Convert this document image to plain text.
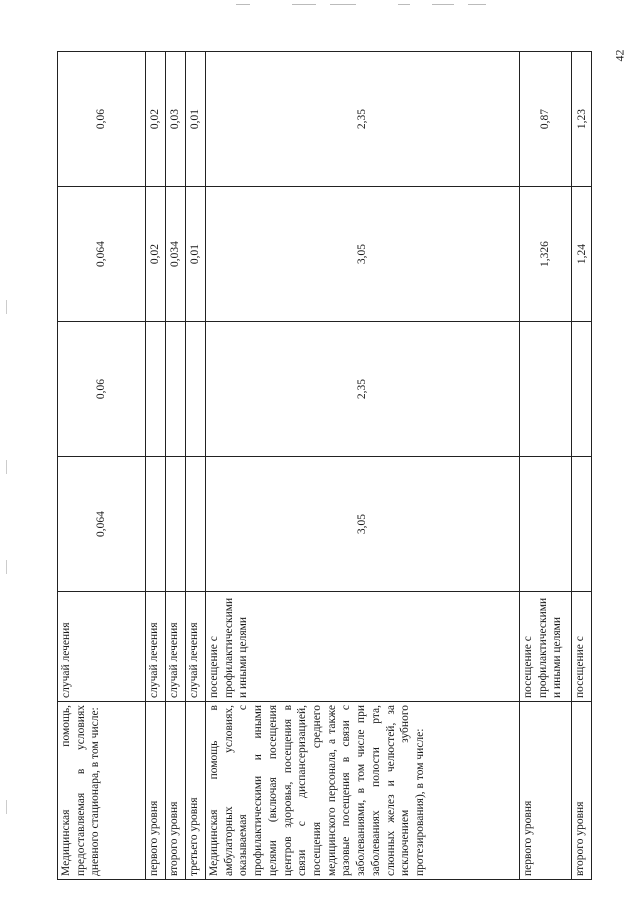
42
Медицинская помощь, предоставляемая в условиях дневного стационара, в том числе:	случай лечения	0,064	0,06	0,064	0,06
первого уровня	случай лечения			0,02	0,02
второго уровня	случай лечения			0,034	0,03
третьего уровня	случай лечения			0,01	0,01
Медицинская помощь в амбулаторных условиях, оказываемая с профилактическими и иными целями (включая посещения центров здоровья, посещения в связи с диспансеризацией, посещения среднего медицинского персонала, а также разовые посещения в связи с заболеваниями, в том числе при заболеваниях полости рта, слюнных желез и челюстей, за исключением зубного протезирования), в том числе:	посещение с профилактическими и иными целями	3,05	2,35	3,05	2,35
первого уровня	посещение с профилактическими и иными целями			1,326	0,87
второго уровня	посещение с			1,24	1,23
